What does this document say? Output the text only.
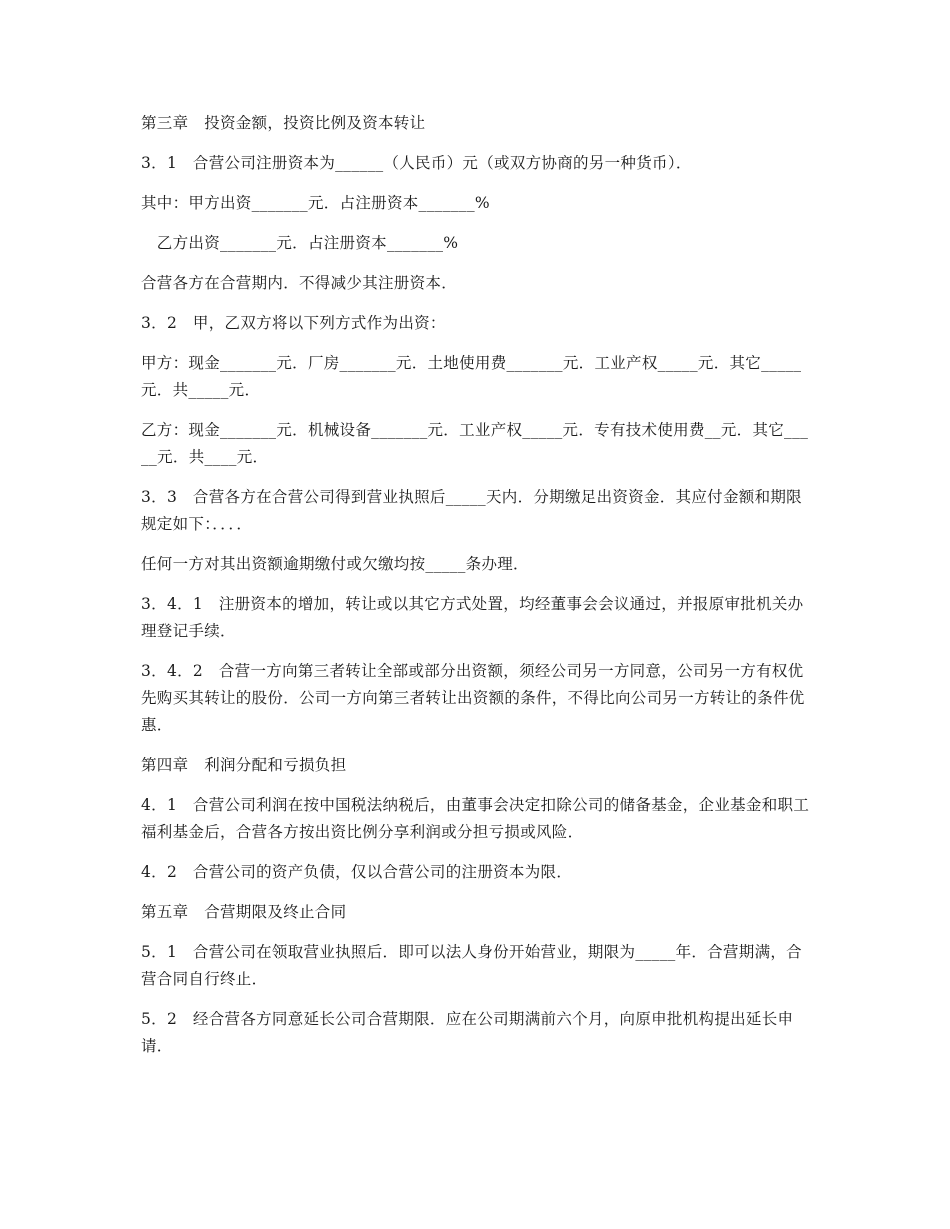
第三章　投资金额，投资比例及资本转让

3．1　合营公司注册资本为______（人民币）元（或双方协商的另一种货币）．

其中：甲方出资_______元．占注册资本_______%

　乙方出资_______元．占注册资本_______%

合营各方在合营期内．不得减少其注册资本．

3．2　甲，乙双方将以下列方式作为出资：

甲方：现金_______元．厂房_______元．土地使用费_______元．工业产权_____元．其它_____元．共_____元．

乙方：现金_______元．机械设备_______元．工业产权_____元．专有技术使用费__元．其它_____元．共____元．

3．3　合营各方在合营公司得到营业执照后_____天内．分期缴足出资资金．其应付金额和期限规定如下：．．．．

任何一方对其出资额逾期缴付或欠缴均按_____条办理．

3．4．1　注册资本的增加，转让或以其它方式处置，均经董事会会议通过，并报原审批机关办理登记手续．

3．4．2　合营一方向第三者转让全部或部分出资额，须经公司另一方同意，公司另一方有权优先购买其转让的股份．公司一方向第三者转让出资额的条件，不得比向公司另一方转让的条件优惠．

第四章　利润分配和亏损负担

4．1　合营公司利润在按中国税法纳税后，由董事会决定扣除公司的储备基金，企业基金和职工福利基金后，合营各方按出资比例分享利润或分担亏损或风险．

4．2　合营公司的资产负债，仅以合营公司的注册资本为限．

第五章　合营期限及终止合同

5．1　合营公司在领取营业执照后．即可以法人身份开始营业，期限为_____年．合营期满，合营合同自行终止．

5．2　经合营各方同意延长公司合营期限．应在公司期满前六个月，向原申批机构提出延长申请．
